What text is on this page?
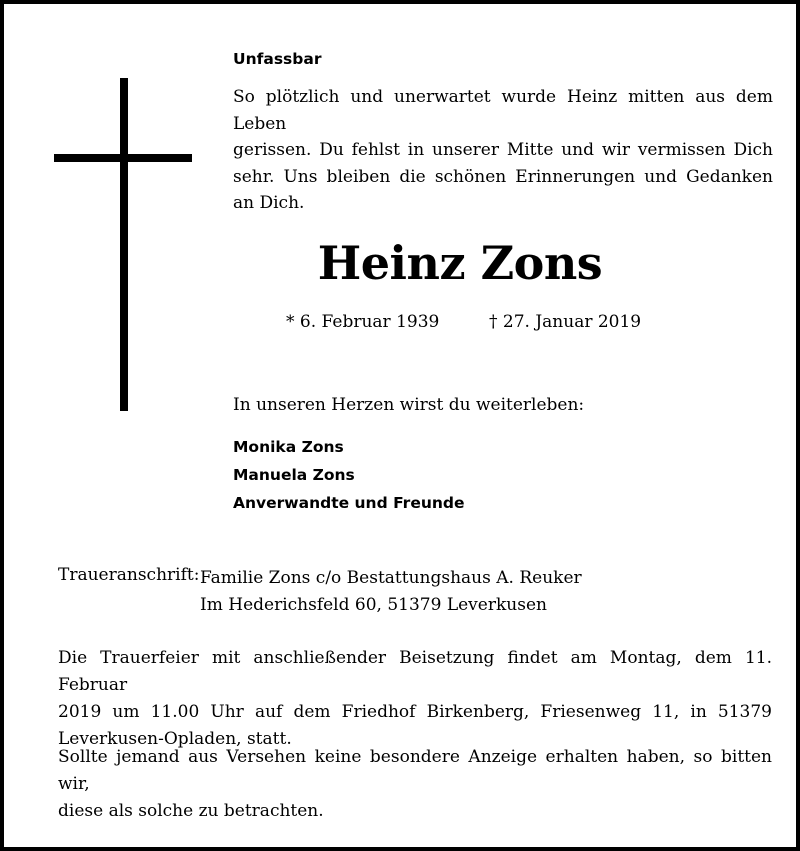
Unfassbar
So plötzlich und unerwartet wurde Heinz mitten aus dem Leben
gerissen. Du fehlst in unserer Mitte und wir vermissen Dich
sehr. Uns bleiben die schönen Erinnerungen und Gedanken
an Dich.
Heinz Zons
* 6. Februar 1939	† 27. Januar 2019
In unseren Herzen wirst du weiterleben:
Monika Zons
Manuela Zons
Anverwandte und Freunde
Traueranschrift: Familie Zons c/o Bestattungshaus A. Reuker
Im Hederichsfeld 60, 51379 Leverkusen
Die Trauerfeier mit anschließender Beisetzung findet am Montag, dem 11. Februar
2019 um 11.00 Uhr auf dem Friedhof Birkenberg, Friesenweg 11, in 51379
Leverkusen-Opladen, statt.
Sollte jemand aus Versehen keine besondere Anzeige erhalten haben, so bitten wir,
diese als solche zu betrachten.
